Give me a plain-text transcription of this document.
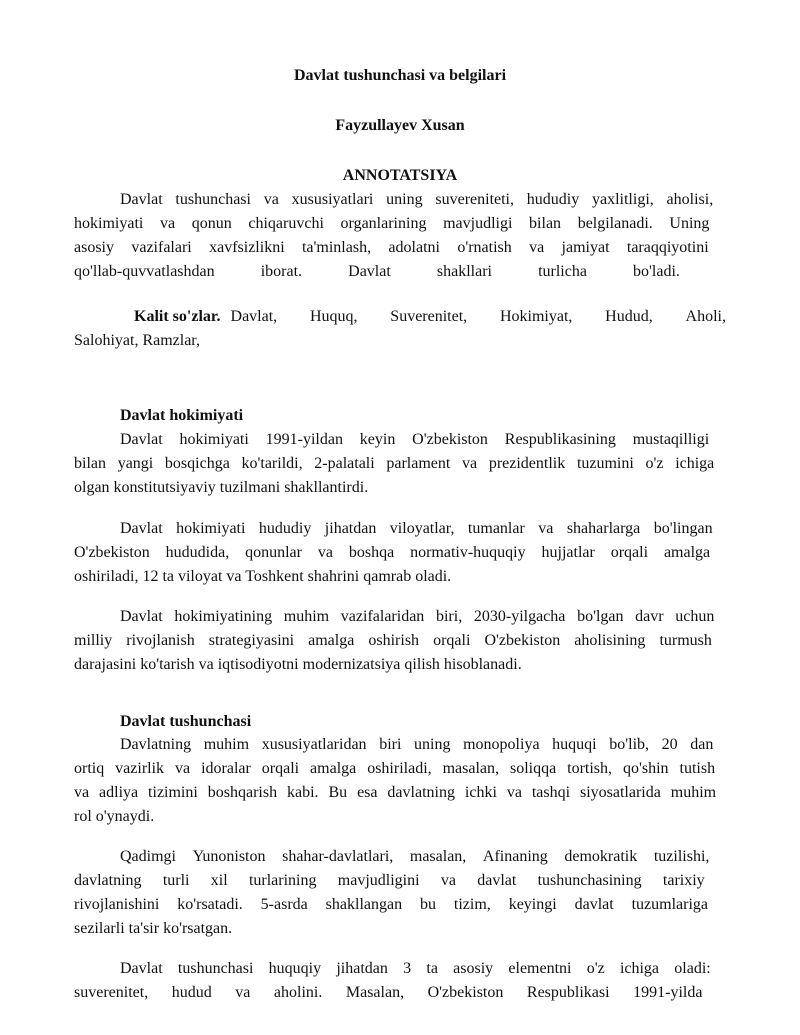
Davlat tushunchasi va belgilari
Fayzullayev Xusan
ANNOTATSIYA
Davlat tushunchasi va xususiyatlari uning suvereniteti, hududiy yaxlitligi, aholisi,
hokimiyati	va	qonun	chiqaruvchi	organlarining	mavjudligi	bilan	belgilanadi.	Uning
asosiy	vazifalari	xavfsizlikni	ta'minlash,	adolatni	o'rnatish	va	jamiyat	taraqqiyotini
qo'llab-quvvatlashdan	iborat.	Davlat	shakllari	turlicha	bo'ladi.
Kalit so'zlar. Davlat, Huquq, Suverenitet, Hokimiyat, Hudud, Aholi,
Salohiyat, Ramzlar,
Davlat hokimiyati
Davlat	hokimiyati	1991-yildan	keyin	O'zbekiston	Respublikasining	mustaqilligi
bilan yangi bosqichga ko'tarildi, 2-palatali parlament va prezidentlik tuzumini o'z ichiga
olgan konstitutsiyaviy tuzilmani shakllantirdi.
Davlat hokimiyati hududiy jihatdan viloyatlar, tumanlar va shaharlarga bo'lingan
O'zbekiston hududida, qonunlar va boshqa normativ-huquqiy hujjatlar orqali amalga
oshiriladi, 12 ta viloyat va Toshkent shahrini qamrab oladi.
Davlat hokimiyatining muhim vazifalaridan biri, 2030-yilgacha bo'lgan davr uchun
milliy rivojlanish strategiyasini amalga oshirish orqali O'zbekiston aholisining turmush
darajasini ko'tarish va iqtisodiyotni modernizatsiya qilish hisoblanadi.
Davlat tushunchasi
Davlatning muhim xususiyatlaridan biri uning monopoliya huquqi bo'lib, 20 dan
ortiq vazirlik va idoralar orqali amalga oshiriladi, masalan, soliqqa tortish, qo'shin tutish
va adliya tizimini boshqarish kabi. Bu esa davlatning ichki va tashqi siyosatlarida muhim
rol o'ynaydi.
Qadimgi	Yunoniston	shahar-davlatlari,	masalan,	Afinaning	demokratik	tuzilishi,
davlatning	turli	xil	turlarining	mavjudligini	va	davlat	tushunchasining	tarixiy
rivojlanishini	ko'rsatadi.	5-asrda	shakllangan	bu	tizim,	keyingi	davlat	tuzumlariga
sezilarli ta'sir ko'rsatgan.
Davlat tushunchasi huquqiy jihatdan 3 ta asosiy elementni o'z ichiga oladi:
suverenitet,	hudud	va	aholini.	Masalan,	O'zbekiston	Respublikasi	1991-yilda
